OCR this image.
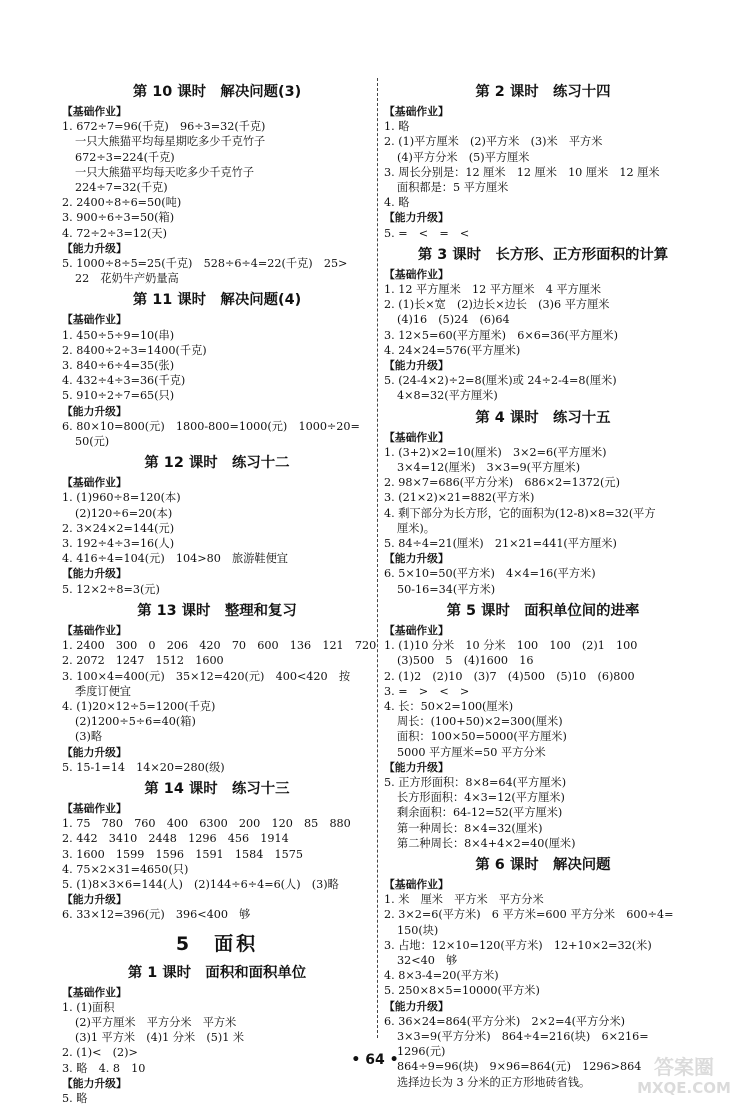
第 10 课时　解决问题(3)
【基础作业】
1. 672÷7=96(千克)　96÷3=32(千克)
一只大熊猫平均每星期吃多少千克竹子
672÷3=224(千克)
一只大熊猫平均每天吃多少千克竹子
224÷7=32(千克)
2. 2400÷8÷6=50(吨)
3. 900÷6÷3=50(箱)
4. 72÷2÷3=12(天)
【能力升级】
5. 1000÷8÷5=25(千克)　528÷6÷4=22(千克)　25>
22　花奶牛产奶量高
第 11 课时　解决问题(4)
【基础作业】
1. 450÷5÷9=10(串)
2. 8400÷2÷3=1400(千克)
3. 840÷6÷4=35(张)
4. 432÷4÷3=36(千克)
5. 910÷2÷7=65(只)
【能力升级】
6. 80×10=800(元)　1800-800=1000(元)　1000÷20=
50(元)
第 12 课时　练习十二
【基础作业】
1. (1)960÷8=120(本)
(2)120÷6=20(本)
2. 3×24×2=144(元)
3. 192÷4÷3=16(人)
4. 416÷4=104(元)　104>80　旅游鞋便宜
【能力升级】
5. 12×2÷8=3(元)
第 13 课时　整理和复习
【基础作业】
1. 2400　300　0　206　420　70　600　136　121　720
2. 2072　1247　1512　1600
3. 100×4=400(元)　35×12=420(元)　400<420　按
季度订便宜
4. (1)20×12÷5=1200(千克)
(2)1200÷5÷6=40(箱)
(3)略
【能力升级】
5. 15-1=14　14×20=280(级)
第 14 课时　练习十三
【基础作业】
1. 75　780　760　400　6300　200　120　85　880
2. 442　3410　2448　1296　456　1914
3. 1600　1599　1596　1591　1584　1575
4. 75×2×31=4650(只)
5. (1)8×3×6=144(人)　(2)144÷6÷4=6(人)　(3)略
【能力升级】
6. 33×12=396(元)　396<400　够
5　面积
第 1 课时　面积和面积单位
【基础作业】
1. (1)面积
(2)平方厘米　平方分米　平方米
(3)1 平方米　(4)1 分米　(5)1 米
2. (1)<　(2)>
3. 略　4. 8　10
【能力升级】
5. 略
第 2 课时　练习十四
【基础作业】
1. 略
2. (1)平方厘米　(2)平方米　(3)米　平方米
(4)平方分米　(5)平方厘米
3. 周长分别是：12 厘米　12 厘米　10 厘米　12 厘米
面积都是：5 平方厘米
4. 略
【能力升级】
5. =　<　=　<
第 3 课时　长方形、正方形面积的计算
【基础作业】
1. 12 平方厘米　12 平方厘米　4 平方厘米
2. (1)长×宽　(2)边长×边长　(3)6 平方厘米
(4)16　(5)24　(6)64
3. 12×5=60(平方厘米)　6×6=36(平方厘米)
4. 24×24=576(平方厘米)
【能力升级】
5. (24-4×2)÷2=8(厘米)或 24÷2-4=8(厘米)
4×8=32(平方厘米)
第 4 课时　练习十五
【基础作业】
1. (3+2)×2=10(厘米)　3×2=6(平方厘米)
3×4=12(厘米)　3×3=9(平方厘米)
2. 98×7=686(平方分米)　686×2=1372(元)
3. (21×2)×21=882(平方米)
4. 剩下部分为长方形，它的面积为(12-8)×8=32(平方
厘米)。
5. 84÷4=21(厘米)　21×21=441(平方厘米)
【能力升级】
6. 5×10=50(平方米)　4×4=16(平方米)
50-16=34(平方米)
第 5 课时　面积单位间的进率
【基础作业】
1. (1)10 分米　10 分米　100　100　(2)1　100
(3)500　5　(4)1600　16
2. (1)2　(2)10　(3)7　(4)500　(5)10　(6)800
3. =　>　<　>
4. 长：50×2=100(厘米)
周长：(100+50)×2=300(厘米)
面积：100×50=5000(平方厘米)
5000 平方厘米=50 平方分米
【能力升级】
5. 正方形面积：8×8=64(平方厘米)
长方形面积：4×3=12(平方厘米)
剩余面积：64-12=52(平方厘米)
第一种周长：8×4=32(厘米)
第二种周长：8×4+4×2=40(厘米)
第 6 课时　解决问题
【基础作业】
1. 米　厘米　平方米　平方分米
2. 3×2=6(平方米)　6 平方米=600 平方分米　600÷4=
150(块)
3. 占地：12×10=120(平方米)　12+10×2=32(米)
32<40　够
4. 8×3-4=20(平方米)
5. 250×8×5=10000(平方米)
【能力升级】
6. 36×24=864(平方分米)　2×2=4(平方分米)
3×3=9(平方分米)　864÷4=216(块)　6×216=
1296(元)
864÷9=96(块)　9×96=864(元)　1296>864
选择边长为 3 分米的正方形地砖省钱。
• 64 •	答案圈
MXQE.COM
